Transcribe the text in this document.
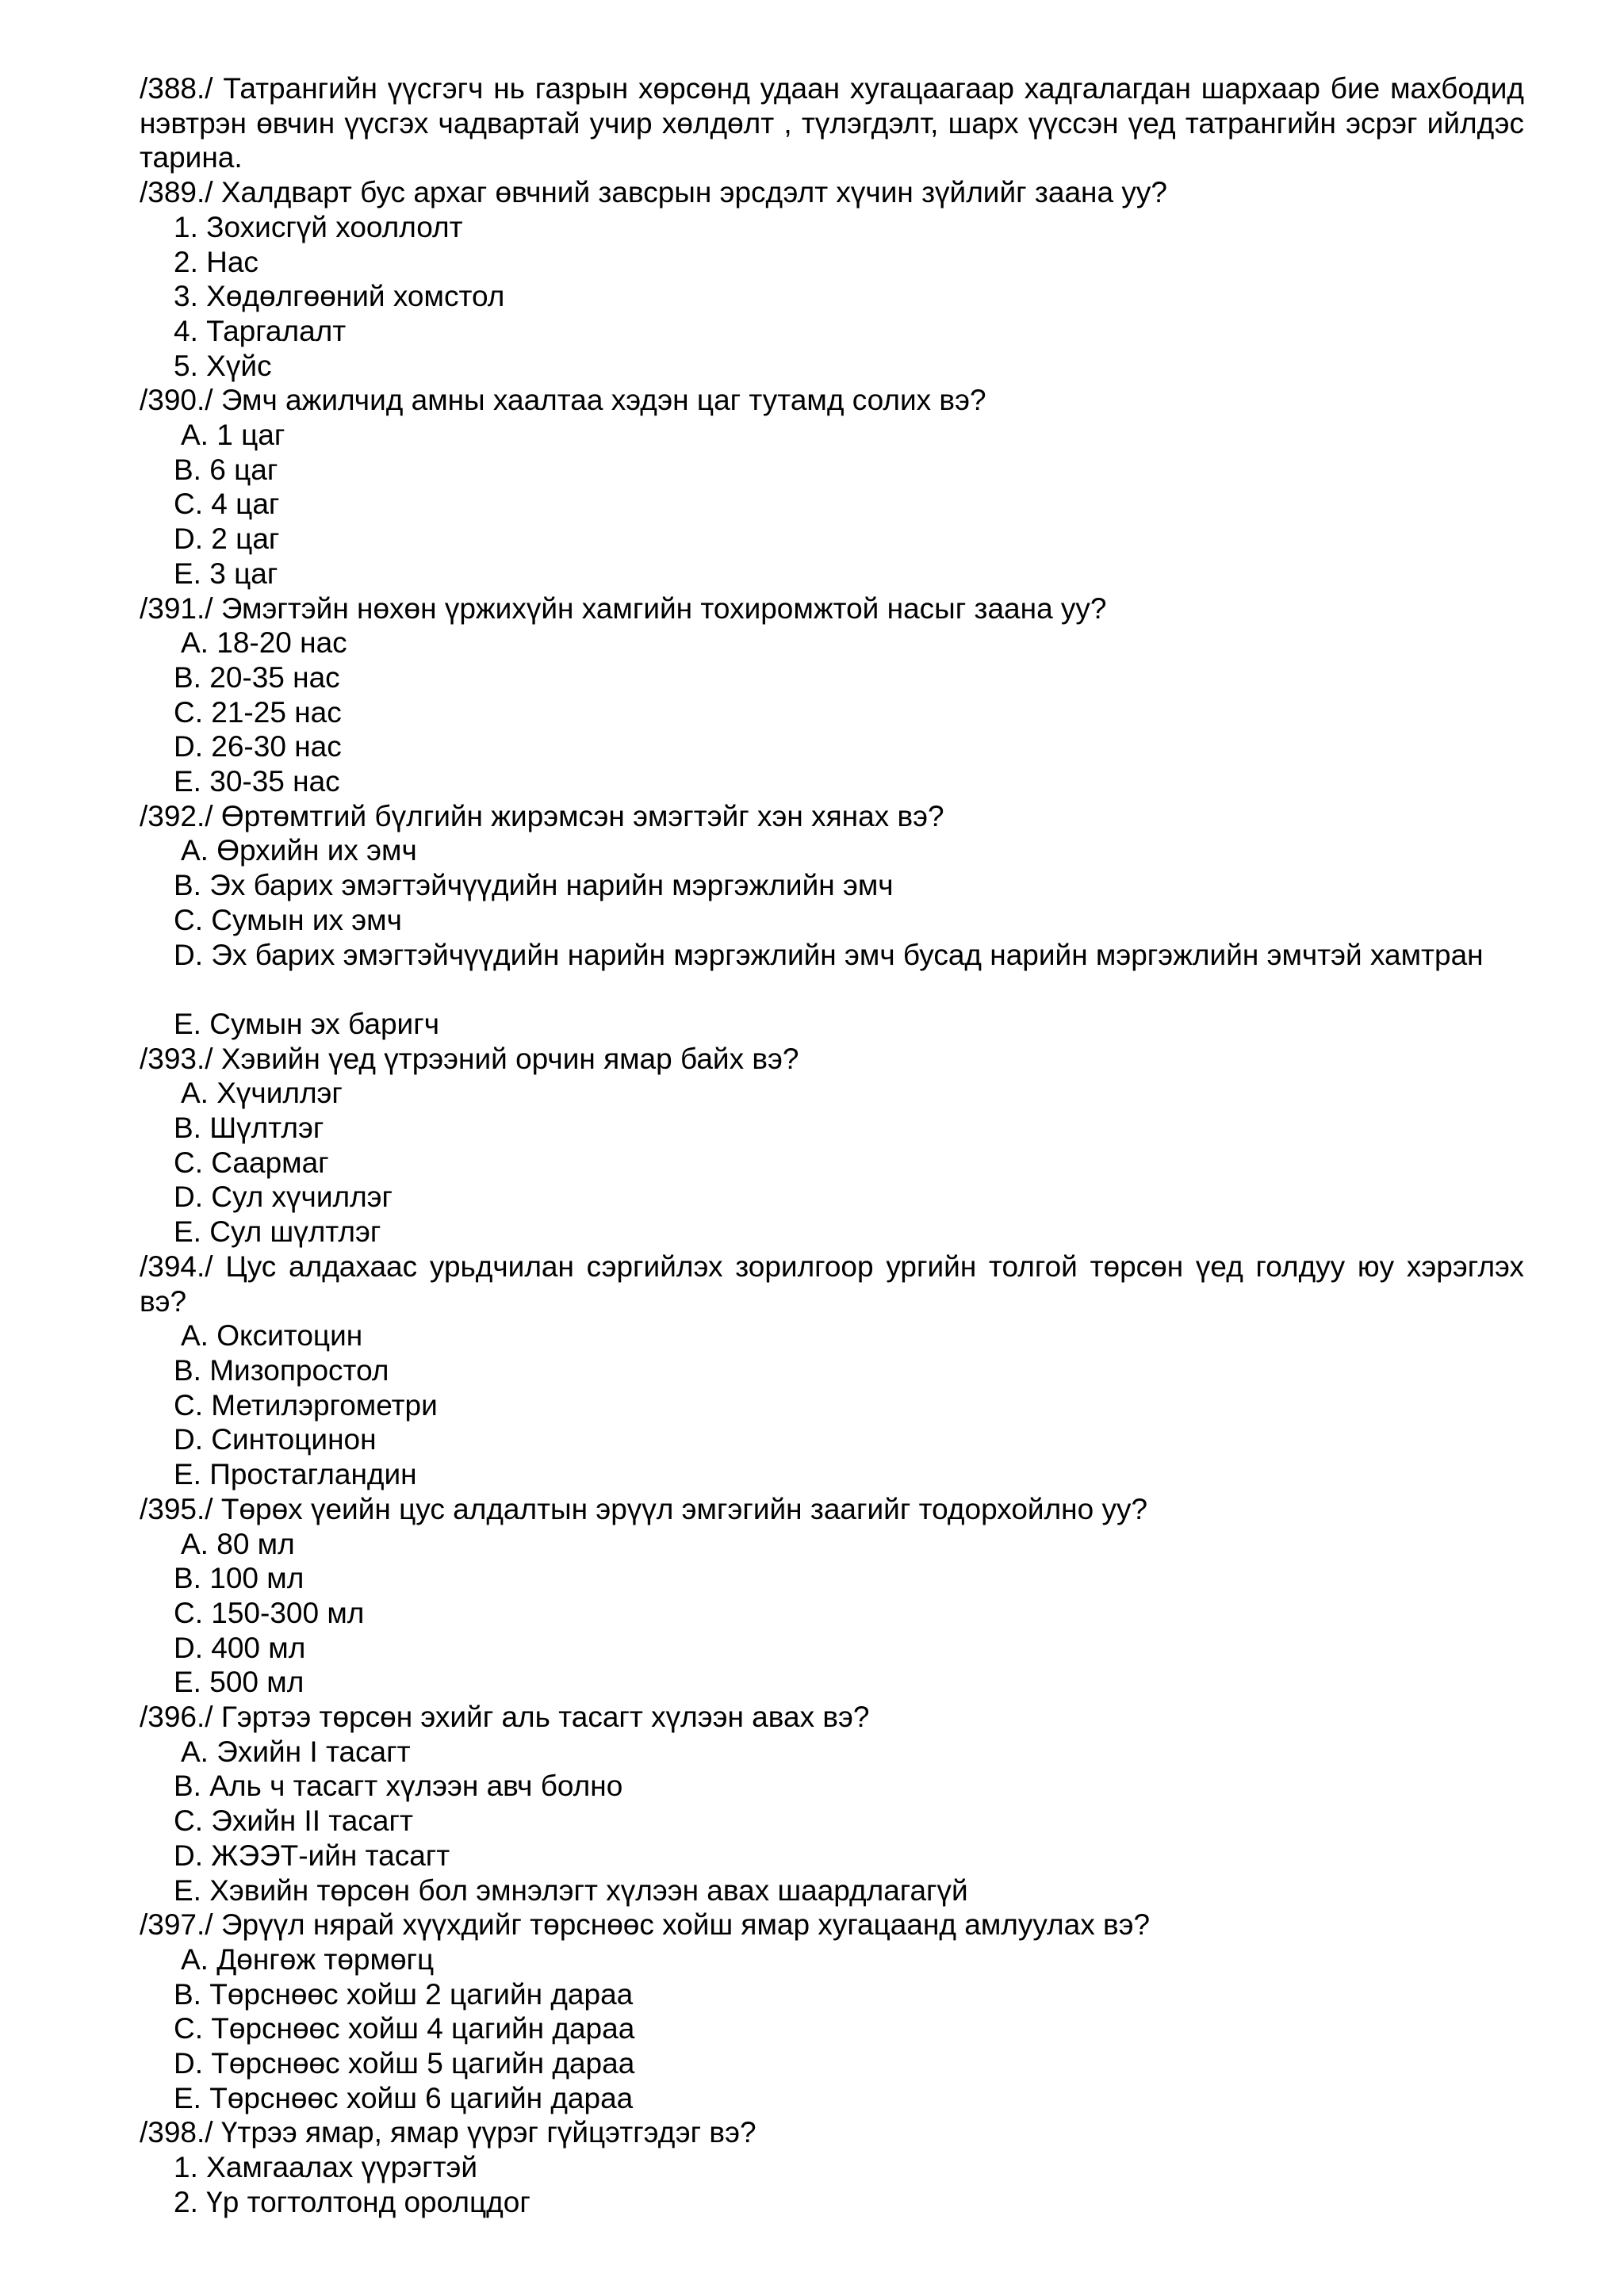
/388./ Татрангийн үүсгэгч нь газрын хөрсөнд удаан хугацаагаар хадгалагдан шархаар бие махбодид нэвтрэн өвчин үүсгэх чадвартай учир хөлдөлт , түлэгдэлт, шарх үүссэн үед татрангийн эсрэг ийлдэс тарина.

/389./ Халдварт бус архаг өвчний завсрын эрсдэлт хүчин зүйлийг заана уу?

1. Зохисгүй хооллолт
2. Нас
3. Хөдөлгөөний хомстол
4. Таргалалт
5. Хүйс

/390./ Эмч ажилчид амны хаалтаа хэдэн цаг тутамд солих вэ?

A. 1 цаг
B. 6 цаг
C. 4 цаг
D. 2 цаг
E. 3 цаг

/391./ Эмэгтэйн нөхөн үржихүйн хамгийн тохиромжтой насыг заана уу?

A. 18-20 нас
B. 20-35 нас
C. 21-25 нас
D. 26-30 нас
E. 30-35 нас

/392./ Өртөмтгий бүлгийн жирэмсэн эмэгтэйг хэн хянах вэ?

A. Өрхийн их эмч
B. Эх барих эмэгтэйчүүдийн нарийн мэргэжлийн эмч
C. Сумын их эмч
D. Эх барих эмэгтэйчүүдийн нарийн мэргэжлийн эмч бусад нарийн мэргэжлийн эмчтэй хамтран
E. Сумын эх баригч

/393./ Хэвийн үед үтрээний орчин ямар байх вэ?

A. Хүчиллэг
B. Шүлтлэг
C. Саармаг
D. Сул хүчиллэг
E. Сул шүлтлэг

/394./ Цус алдахаас урьдчилан сэргийлэх зорилгоор ургийн толгой төрсөн үед голдуу юу хэрэглэх вэ?

A. Окситоцин
B. Мизопростол
C. Метилэргометри
D. Синтоцинон
E. Простагландин

/395./ Төрөх үеийн цус алдалтын эрүүл эмгэгийн заагийг тодорхойлно уу?

A. 80 мл
B. 100 мл
C. 150-300 мл
D. 400 мл
E. 500 мл

/396./ Гэртээ төрсөн эхийг аль тасагт хүлээн авах вэ?

A. Эхийн I тасагт
B. Аль ч тасагт хүлээн авч болно
C. Эхийн II тасагт
D. ЖЭЭТ-ийн тасагт
E. Хэвийн төрсөн бол эмнэлэгт хүлээн авах шаардлагагүй

/397./ Эрүүл нярай хүүхдийг төрснөөс хойш ямар хугацаанд амлуулах вэ?

A. Дөнгөж төрмөгц
B. Төрснөөс хойш 2 цагийн дараа
C. Төрснөөс хойш 4 цагийн дараа
D. Төрснөөс хойш 5 цагийн дараа
E. Төрснөөс хойш 6 цагийн дараа

/398./ Үтрээ ямар, ямар үүрэг гүйцэтгэдэг вэ?

1. Хамгаалах үүрэгтэй
2. Үр тогтолтонд оролцдог
